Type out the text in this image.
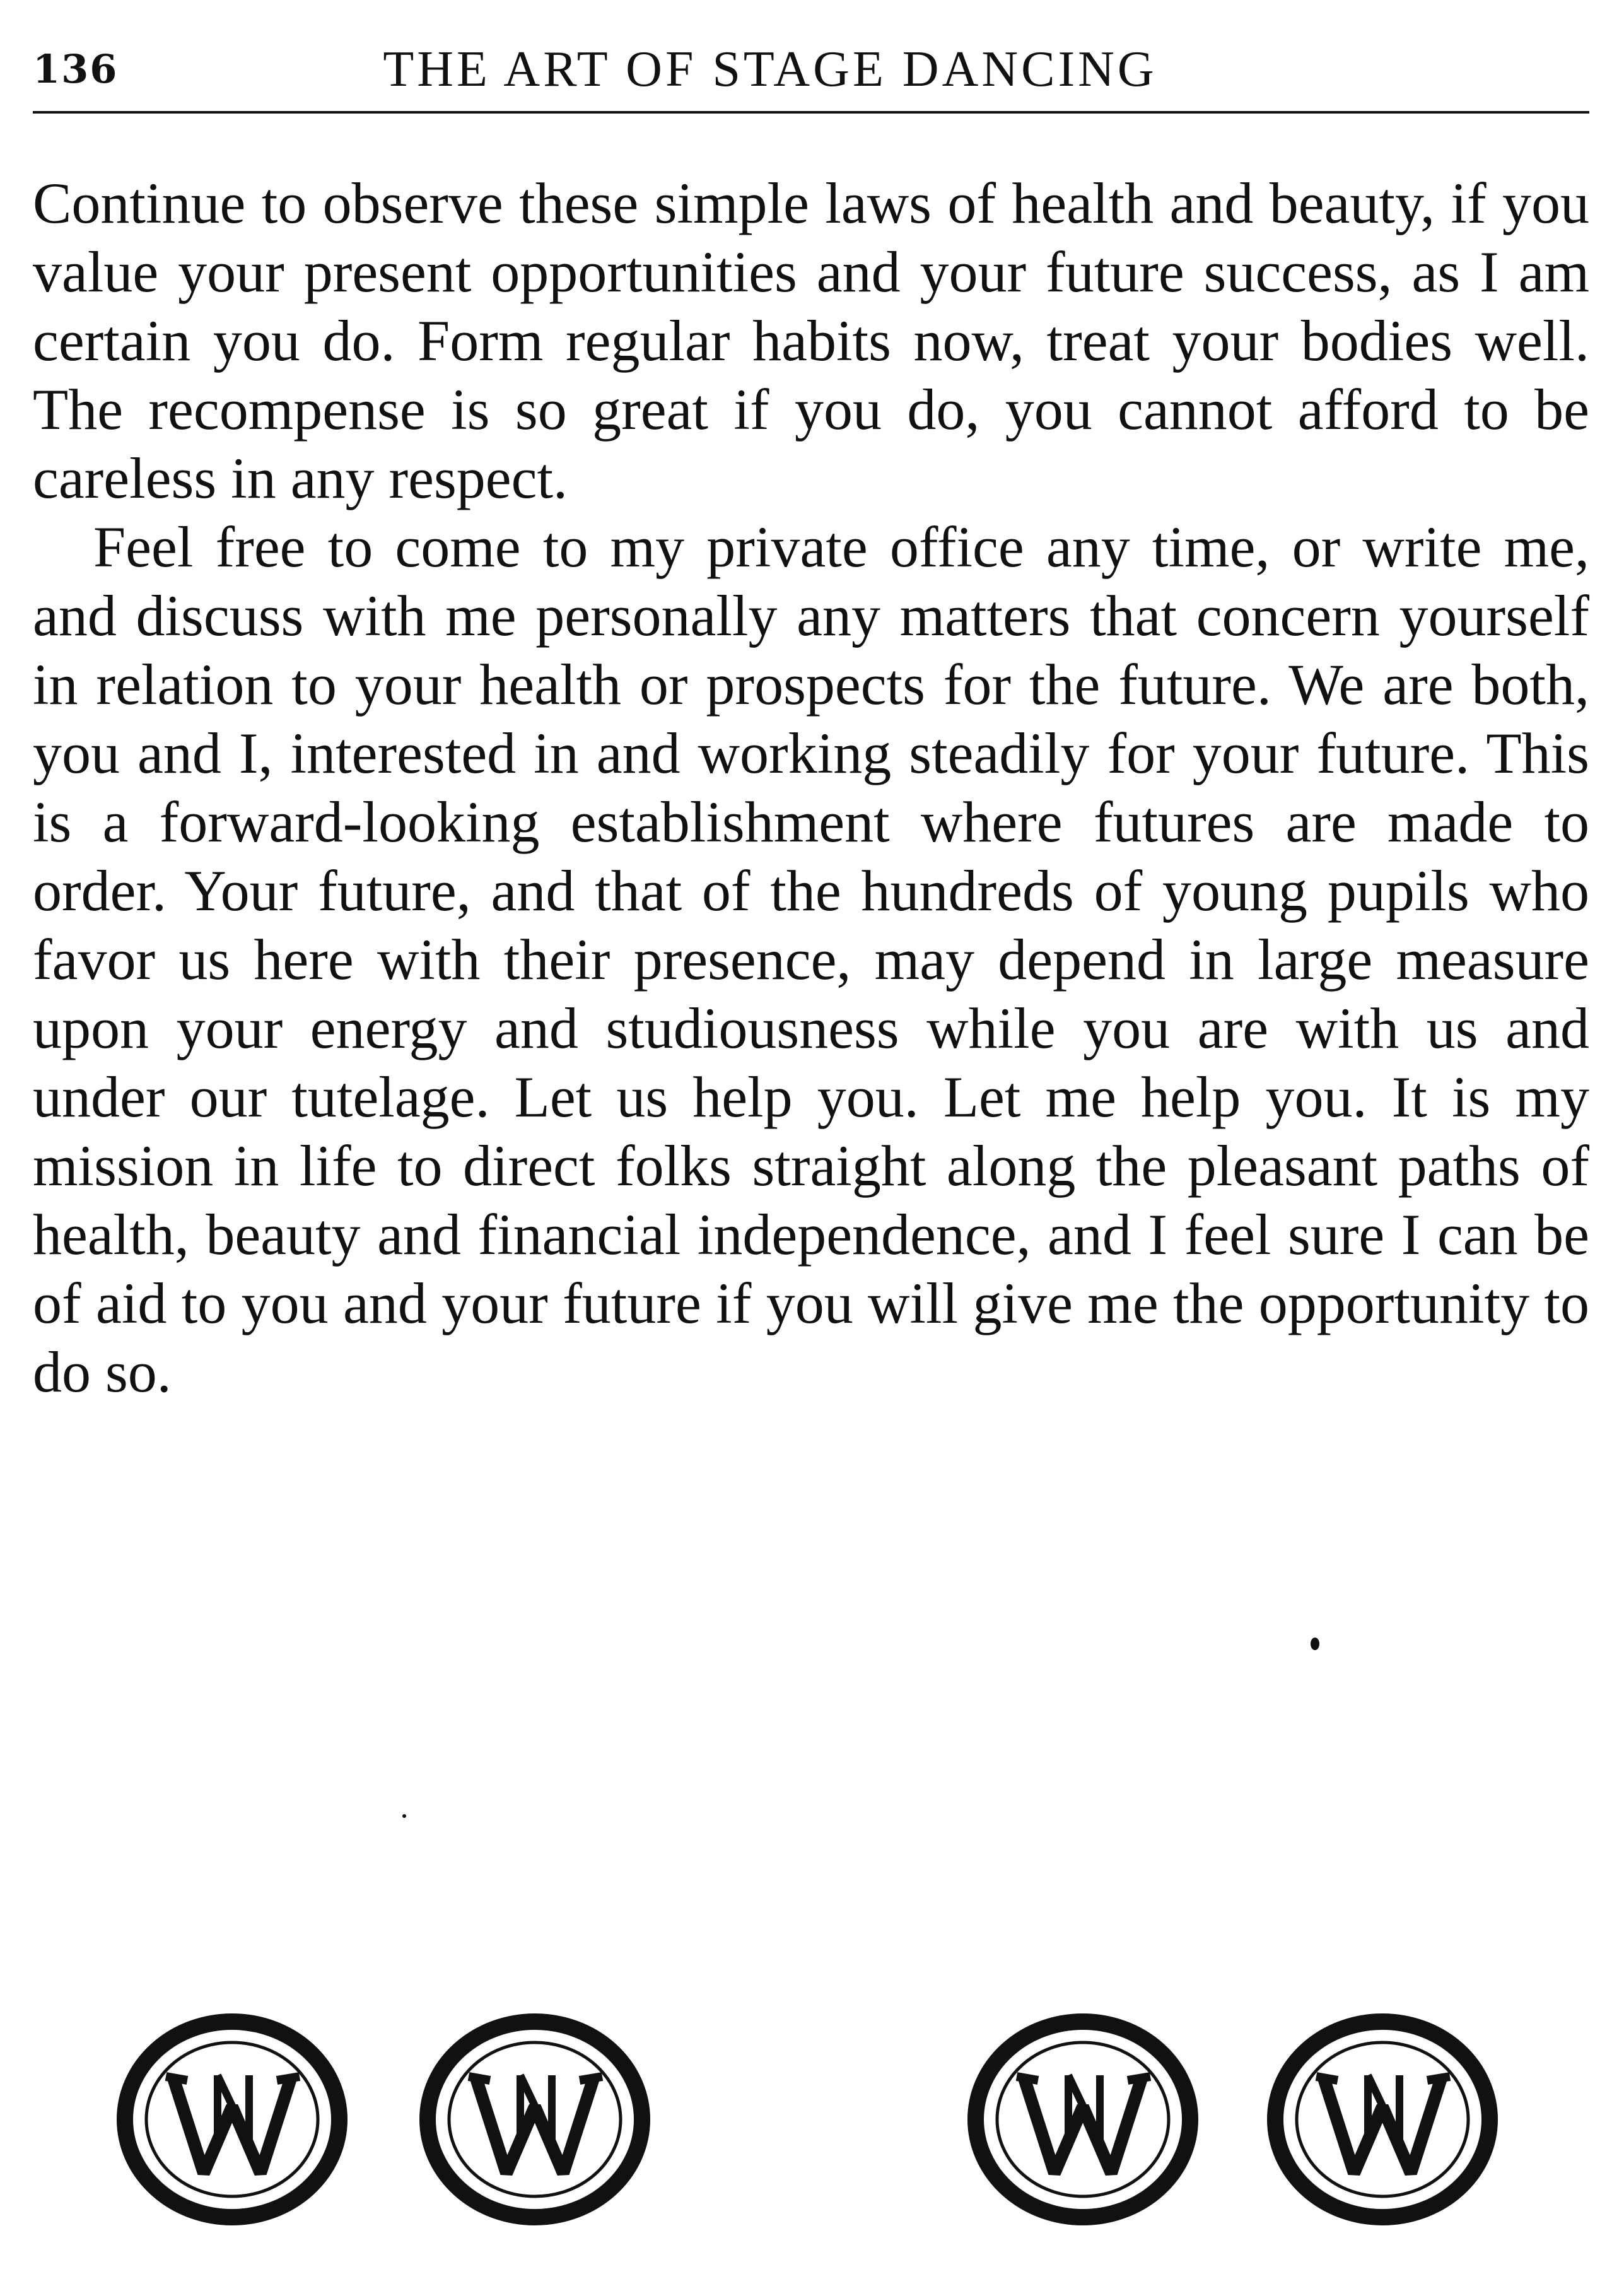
136	THE ART OF STAGE DANCING

Continue to observe these simple laws of health and beauty, if you value your present opportunities and your future success, as I am certain you do. Form regular habits now, treat your bodies well. The recompense is so great if you do, you cannot afford to be careless in any respect.

Feel free to come to my private office any time, or write me, and discuss with me personally any matters that concern yourself in relation to your health or prospects for the future. We are both, you and I, interested in and working steadily for your future. This is a forward-looking establishment where futures are made to order. Your future, and that of the hundreds of young pupils who favor us here with their presence, may depend in large measure upon your energy and studiousness while you are with us and under our tutelage. Let us help you. Let me help you. It is my mission in life to direct folks straight along the pleasant paths of health, beauty and financial independence, and I feel sure I can be of aid to you and your future if you will give me the opportunity to do so.
